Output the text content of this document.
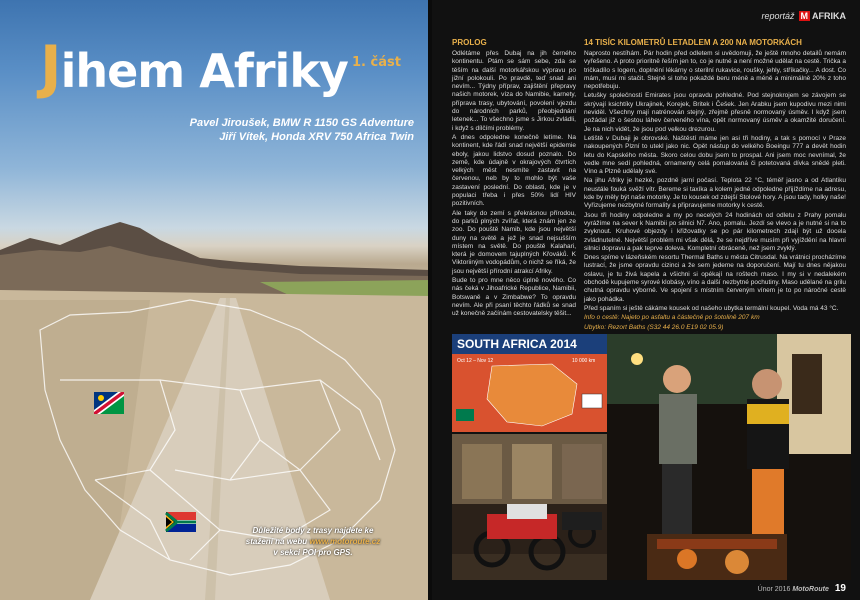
Jihem Afriky 1. část
Pavel Jiroušek, BMW R 1150 GS Adventure
Jiří Vítek, Honda XRV 750 Africa Twin
Důležité body z trasy najdete ke
stažení na webu www.motoroute.cz
v sekci POI pro GPS.
reportáž M AFRIKA
PROLOG

Odlétáme přes Dubaj na jih černého kontinentu. Ptám se sám sebe, zda se těším na další motorkářskou výpravu po jižní polokouli. Po pravdě, teď snad ani nevím... Týdny příprav, zajištění přepravy našich motorek, víza do Namibie, karnety, příprava trasy, ubytování, povolení vjezdu do národních parků, přeobjednání letenek... To všechno jsme s Jirkou zvládli, i když s dílčími problémy.

A dnes odpoledne konečně letíme. Na kontinent, kde řádí snad největší epidemie eboly, jakou lidstvo dosud poznalo. Do země, kde údajně v okrajových čtvrtích velkých měst nesmíte zastavit na červenou, neb by to mohlo být vaše zastavení poslední. Do oblasti, kde je v populaci třeba i přes 50% lidí HIV pozitivních.

Ale taky do zemí s překrásnou přírodou, do parků plných zvířat, která znám jen ze zoo. Do pouště Namib, kde jsou největší duny na světě a jež je snad nejsušším místem na světě. Do pouště Kalahari, která je domovem tajuplných Křováků. K Viktoriiným vodopádům, o nichž se říká, že jsou největší přírodní atrakcí Afriky.

Bude to pro mne něco úplně nového. Co nás čeká v Jihoafrické Republice, Namibii, Botswaně a v Zimbabwe? To opravdu nevím. Ale při psaní těchto řádků se snad už konečně začínám cestovatelsky těšit...

14 TISÍC KILOMETRŮ LETADLEM A 200 NA MOTORKÁCH

Naprosto nestíhám. Pár hodin před odletem si uvědomuji, že ještě mnoho detailů nemám vyřešeno. A proto prioritně řeším jen to, co je nutné a není možné udělat na cestě. Trička a tričkadílo s logem, doplnění lékárny o sterilní rukavice, roušky, jehly, stříkačky... A dost. Co mám, musí mi stačit. Stejně si toho pokaždé beru méně a méně a minimálně 20% z toho nepotřebuju.

Letušky společnosti Emirates jsou opravdu pohledné. Pod stejnokrojem se závojem se skrývají ksichtíky Ukrajinek, Korejek, Britek i Češek. Jen Arabku jsem kupodivu mezi nimi neviděl. Všechny mají natrénován stejný, zřejmě přesně normovaný úsměv. I když jsem požádal již o šestou láhev červeného vína, opět normovaný úsměv a okamžité doručení. Je na nich vidět, že jsou pod velkou drezurou.

Letiště v Dubaji je obrovské. Naštěstí máme jen asi tři hodiny, a tak s pomocí v Praze nakoupených Plzní to utekl jako nic. Opět nástup do velkého Boeingu 777 a devět hodin letu do Kapského města. Skoro celou dobu jsem to prospal. Ani jsem moc nevnímal, že vedle mne sedí pohledná, ornamenty celá pomalovaná či potetovaná dívka snědé pleti. Víno a Plzně udělaly své.

Na jihu Afriky je hezké, pozdně jarní počasí. Teplota 22 °C, téměř jasno a od Atlantiku neustále fouká svěží vítr. Bereme si taxíka a kolem jedné odpoledne přijíždíme na adresu, kde by měly být naše motorky. Je to kousek od zdejší Stolové hory. A jsou tady, holky naše! Vyřizujeme nezbytné formality a připravujeme motorky k cestě.

Jsou tři hodiny odpoledne a my po necelých 24 hodinách od odletu z Prahy pomalu vyrážíme na sever k Namibii po silnici N7. Ano, pomalu. Jezdí se vlevo a je nutné si na to zvyknout. Kruhové objezdy i křižovatky se po pár kilometrech zdají být už docela zvládnutelné. Největší problém mi však dělá, že se nejdříve musím při vyjíždění na hlavní silnici dopravu a pak teprve doleva. Kompletní obráceně, než jsem zvyklý.

Dnes spíme v lázeňském resortu Thermal Baths u města Citrusdal. Na vrátnici procházíme lustrací, že jsme opravdu cizinci a že sem jedeme na doporučení. Mají tu dnes nějakou oslavu, je tu živá kapela a všichni si opékají na roštech maso. I my si v nedalekém obchodě kupujeme syrové klobásy, víno a další nezbytné pochutiny. Maso udělané na grilu chutná opravdu výborně. Ve spojení s místním červeným vínem je to po náročné cestě jako pohádka.

Před spaním si ještě cákáme kousek od našeho ubytka termální koupel. Voda má 43 °C.

Info o cestě: Najeto po asfaltu a částečně po šotolině 207 km

Ubytko: Rezort Baths (S32 44 26.0 E19 02 05.9)

SOUTH AFRICA 2014
Oct 12 – Nov 12	10 000 km
Únor 2016 MotoRoute 19
